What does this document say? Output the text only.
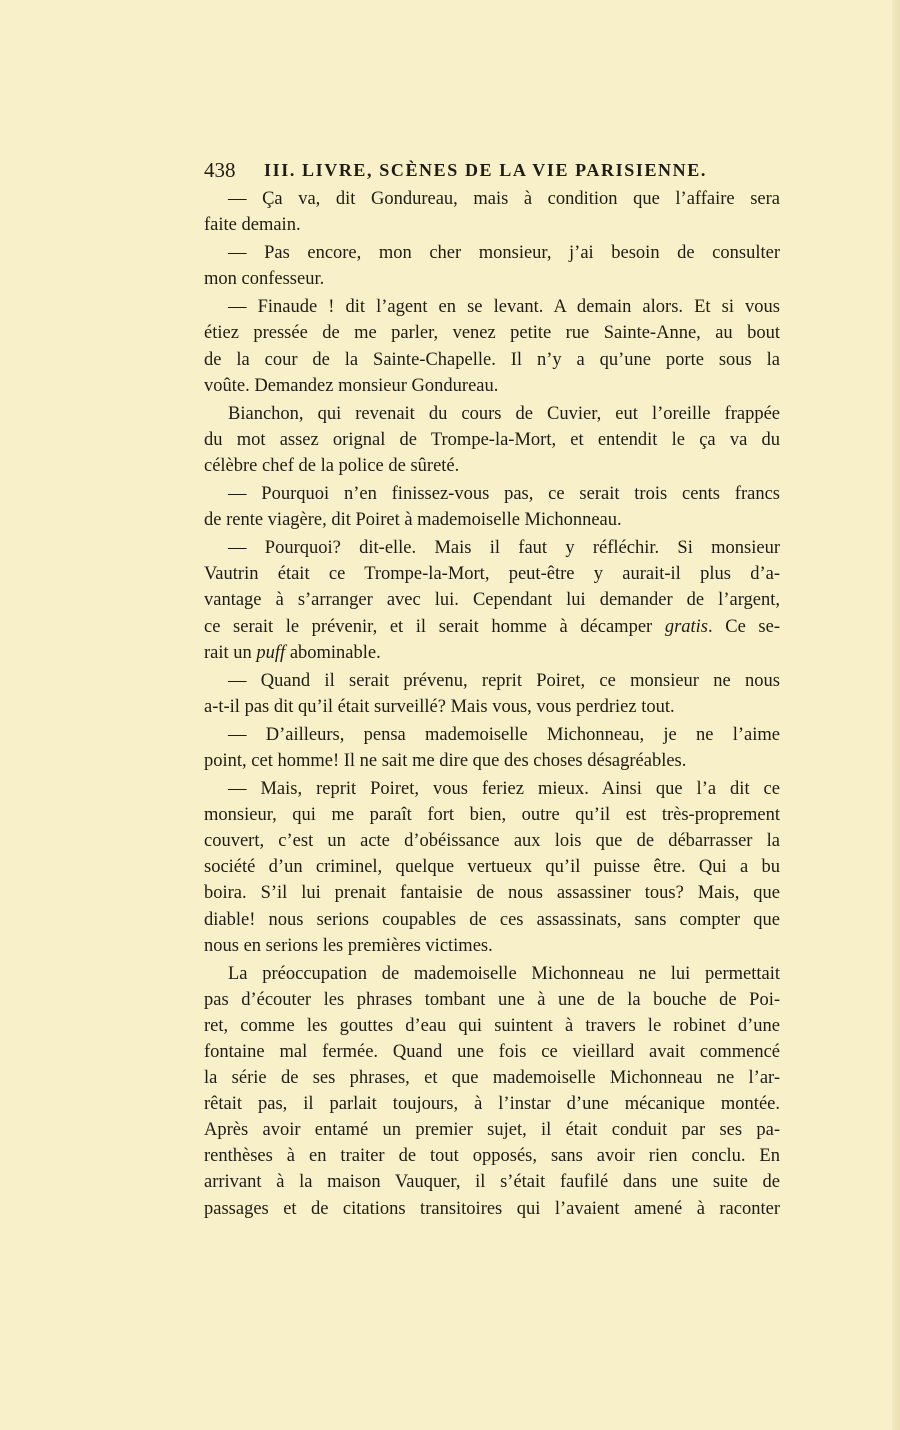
438 III. LIVRE, SCÈNES DE LA VIE PARISIENNE.
— Ça va, dit Gondureau, mais à condition que l’affaire sera
faite demain.
— Pas encore, mon cher monsieur, j’ai besoin de consulter
mon confesseur.
— Finaude ! dit l’agent en se levant. A demain alors. Et si vous
étiez pressée de me parler, venez petite rue Sainte-Anne, au bout
de la cour de la Sainte-Chapelle. Il n’y a qu’une porte sous la
voûte. Demandez monsieur Gondureau.
Bianchon, qui revenait du cours de Cuvier, eut l’oreille frappée
du mot assez orignal de Trompe-la-Mort, et entendit le ça va du
célèbre chef de la police de sûreté.
— Pourquoi n’en finissez-vous pas, ce serait trois cents francs
de rente viagère, dit Poiret à mademoiselle Michonneau.
— Pourquoi? dit-elle. Mais il faut y réfléchir. Si monsieur
Vautrin était ce Trompe-la-Mort, peut-être y aurait-il plus d’a-
vantage à s’arranger avec lui. Cependant lui demander de l’argent,
ce serait le prévenir, et il serait homme à décamper gratis. Ce se-
rait un puff abominable.
— Quand il serait prévenu, reprit Poiret, ce monsieur ne nous
a-t-il pas dit qu’il était surveillé? Mais vous, vous perdriez tout.
— D’ailleurs, pensa mademoiselle Michonneau, je ne l’aime
point, cet homme! Il ne sait me dire que des choses désagréables.
— Mais, reprit Poiret, vous feriez mieux. Ainsi que l’a dit ce
monsieur, qui me paraît fort bien, outre qu’il est très-proprement
couvert, c’est un acte d’obéissance aux lois que de débarrasser la
société d’un criminel, quelque vertueux qu’il puisse être. Qui a bu
boira. S’il lui prenait fantaisie de nous assassiner tous? Mais, que
diable! nous serions coupables de ces assassinats, sans compter que
nous en serions les premières victimes.
La préoccupation de mademoiselle Michonneau ne lui permettait
pas d’écouter les phrases tombant une à une de la bouche de Poi-
ret, comme les gouttes d’eau qui suintent à travers le robinet d’une
fontaine mal fermée. Quand une fois ce vieillard avait commencé
la série de ses phrases, et que mademoiselle Michonneau ne l’ar-
rêtait pas, il parlait toujours, à l’instar d’une mécanique montée.
Après avoir entamé un premier sujet, il était conduit par ses pa-
renthèses à en traiter de tout opposés, sans avoir rien conclu. En
arrivant à la maison Vauquer, il s’était faufilé dans une suite de
passages et de citations transitoires qui l’avaient amené à raconter
